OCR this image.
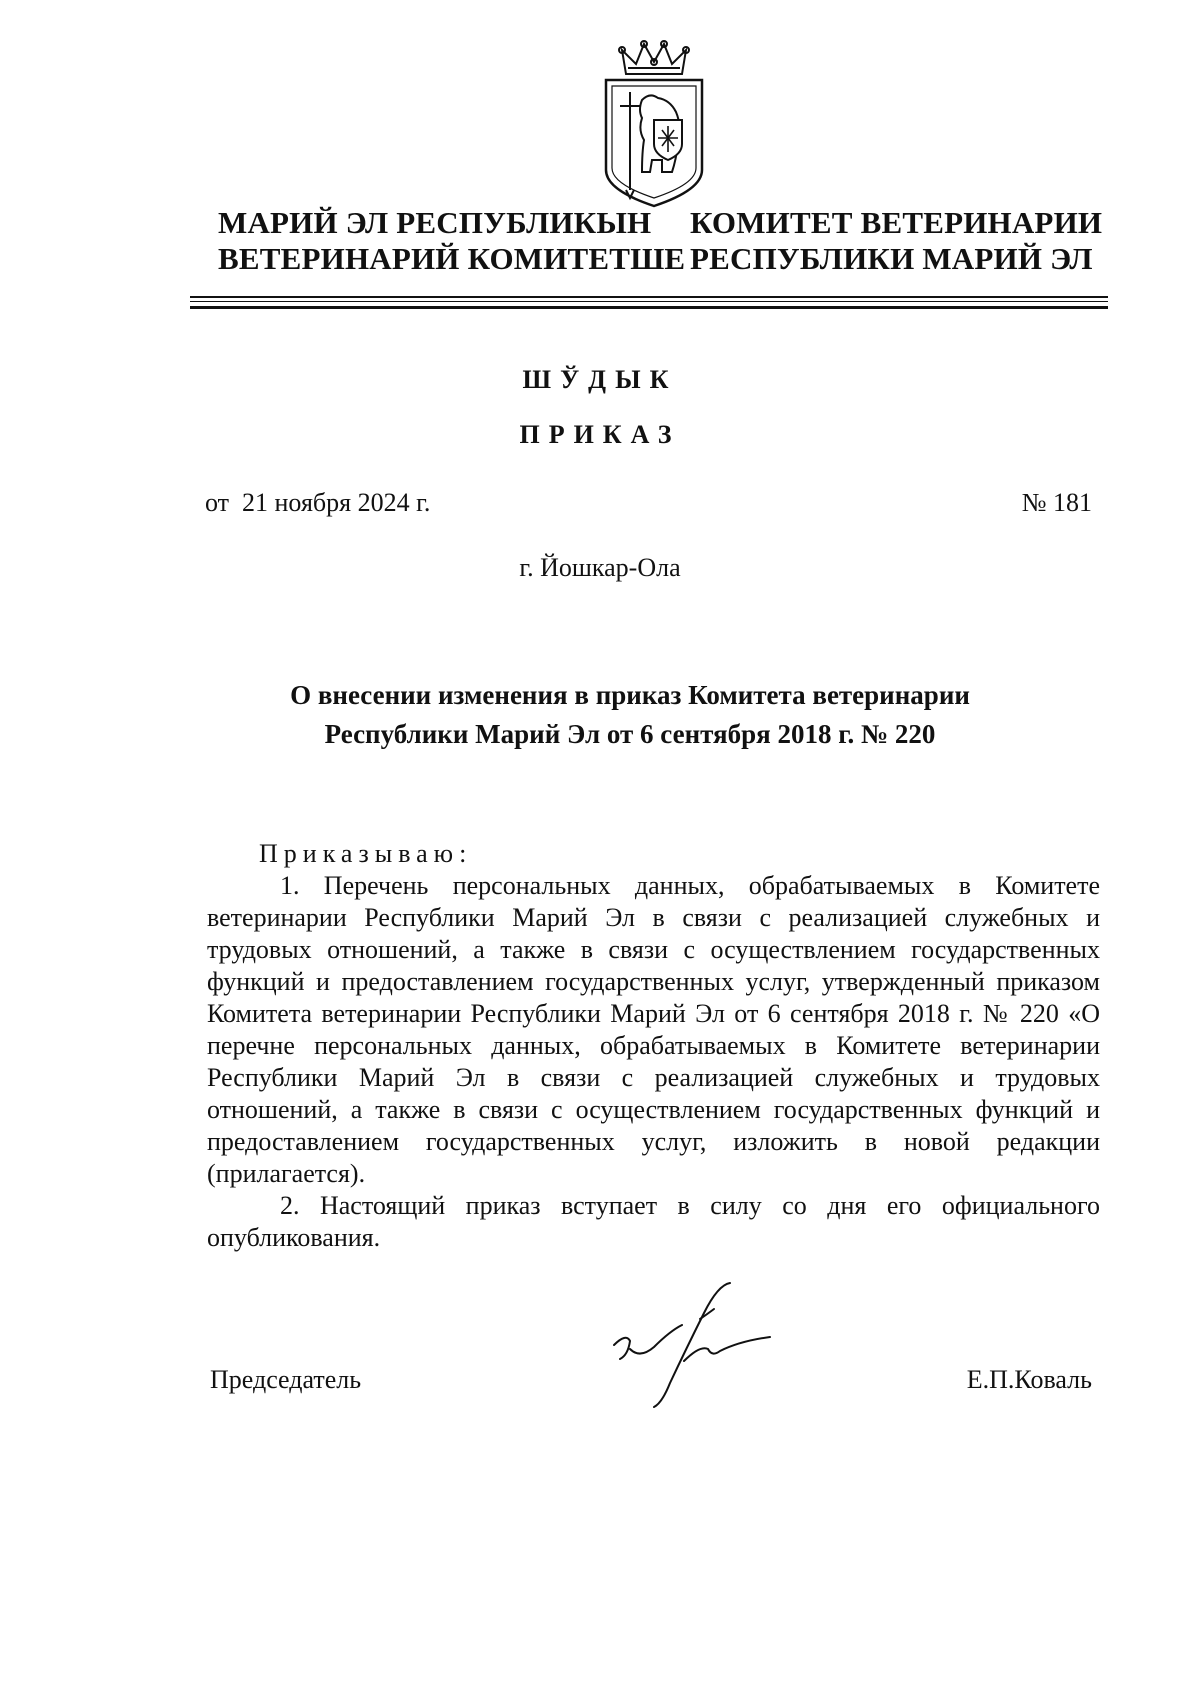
МАРИЙ ЭЛ РЕСПУБЛИКЫН
ВЕТЕРИНАРИЙ КОМИТЕТШЕ
КОМИТЕТ ВЕТЕРИНАРИИ
РЕСПУБЛИКИ МАРИЙ ЭЛ
ШЎДЫК
ПРИКАЗ
от  21 ноября 2024 г.	№ 181
г. Йошкар-Ола
О внесении изменения в приказ Комитета ветеринарии
Республики Марий Эл от 6 сентября 2018 г. № 220

Приказываю:

1. Перечень персональных данных, обрабатываемых в Комитете ветеринарии Республики Марий Эл в связи с реализацией служебных и трудовых отношений, а также в связи с осуществлением государственных функций и предоставлением государственных услуг, утвержденный приказом Комитета ветеринарии Республики Марий Эл от 6 сентября 2018 г. № 220 «О перечне персональных данных, обрабатываемых в Комитете ветеринарии Республики Марий Эл в связи с реализацией служебных и трудовых отношений, а также в связи с осуществлением государственных функций и предоставлением государственных услуг, изложить в новой редакции (прилагается).

2. Настоящий приказ вступает в силу со дня его официального опубликования.

Председатель	Е.П.Коваль
